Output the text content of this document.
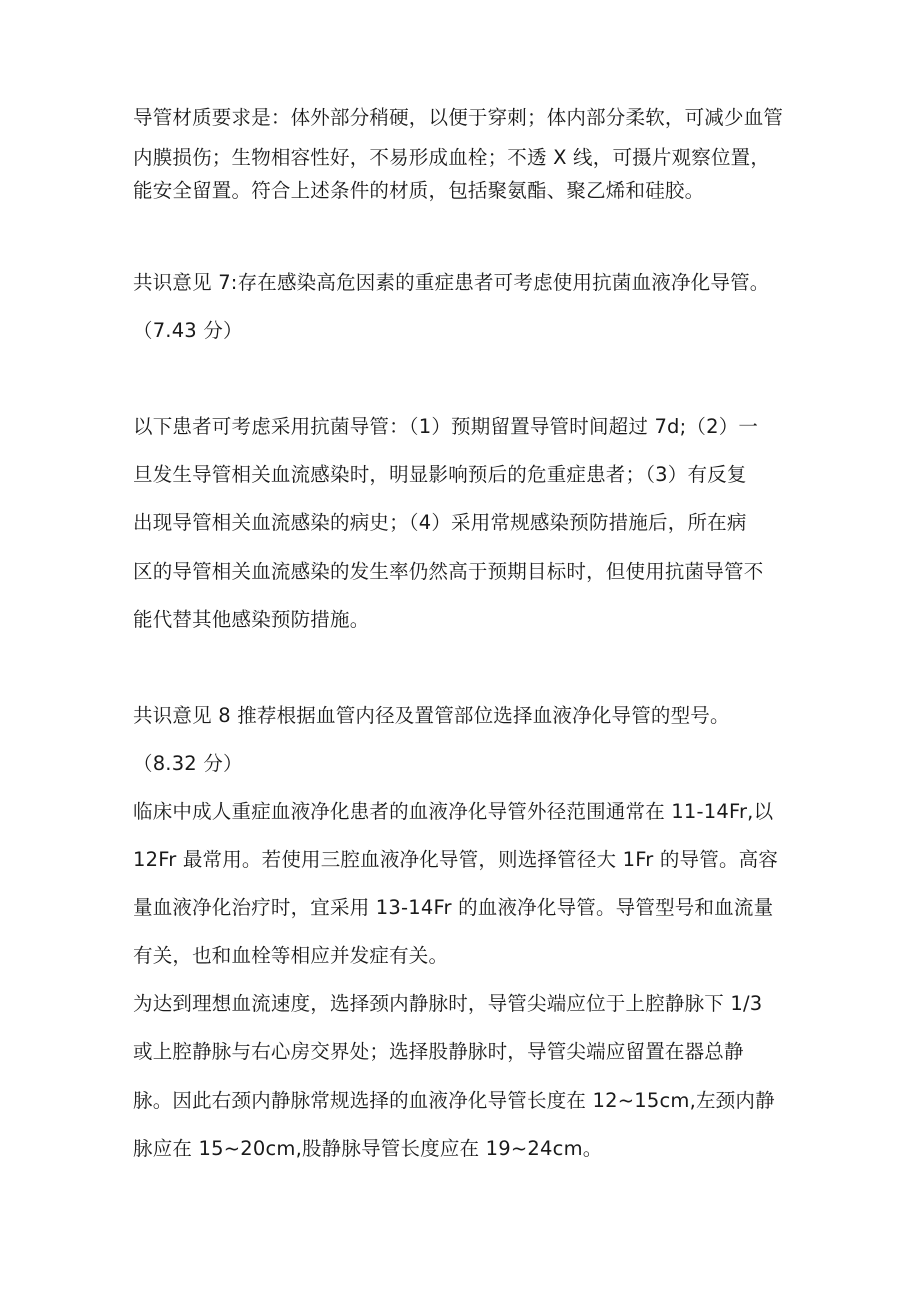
导管材质要求是：体外部分稍硬，以便于穿刺；体内部分柔软，可减少血管
内膜损伤；生物相容性好，不易形成血栓；不透 X 线，可摄片观察位置，
能安全留置。符合上述条件的材质，包括聚氨酯、聚乙烯和硅胶。
共识意见 7:存在感染高危因素的重症患者可考虑使用抗菌血液净化导管。
（7.43 分）
以下患者可考虑采用抗菌导管：（1）预期留置导管时间超过 7d;（2）一
旦发生导管相关血流感染时，明显影响预后的危重症患者；（3）有反复
出现导管相关血流感染的病史；（4）采用常规感染预防措施后，所在病
区的导管相关血流感染的发生率仍然高于预期目标时，但使用抗菌导管不
能代替其他感染预防措施。
共识意见 8 推荐根据血管内径及置管部位选择血液净化导管的型号。
（8.32 分）
临床中成人重症血液净化患者的血液净化导管外径范围通常在 11-14Fr,以
12Fr 最常用。若使用三腔血液净化导管，则选择管径大 1Fr 的导管。高容
量血液净化治疗时，宜采用 13-14Fr 的血液净化导管。导管型号和血流量
有关，也和血栓等相应并发症有关。
为达到理想血流速度，选择颈内静脉时，导管尖端应位于上腔静脉下 1/3
或上腔静脉与右心房交界处；选择股静脉时，导管尖端应留置在器总静
脉。因此右颈内静脉常规选择的血液净化导管长度在 12~15cm,左颈内静
脉应在 15~20cm,股静脉导管长度应在 19~24cm。
